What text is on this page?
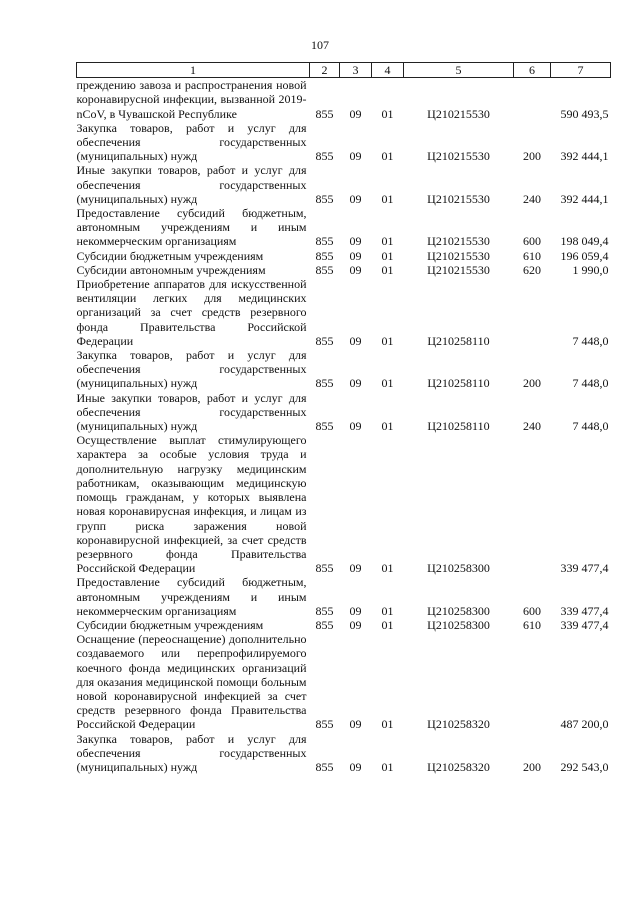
107
1	2	3	4	5	6	7
преждению завоза и распространения новой коронавирусной инфекции, вызванной 2019-nCoV, в Чувашской Республике	855	09	01	Ц210215530		590 493,5
Закупка товаров, работ и услуг для обеспечения государственных (муниципальных) нужд	855	09	01	Ц210215530	200	392 444,1
Иные закупки товаров, работ и услуг для обеспечения государственных (муниципальных) нужд	855	09	01	Ц210215530	240	392 444,1
Предоставление субсидий бюджетным, автономным учреждениям и иным некоммерческим организациям	855	09	01	Ц210215530	600	198 049,4
Субсидии бюджетным учреждениям	855	09	01	Ц210215530	610	196 059,4
Субсидии автономным учреждениям	855	09	01	Ц210215530	620	1 990,0
Приобретение аппаратов для искусственной вентиляции легких для медицинских организаций за счет средств резервного фонда Правительства Российской Федерации	855	09	01	Ц210258110		7 448,0
Закупка товаров, работ и услуг для обеспечения государственных (муниципальных) нужд	855	09	01	Ц210258110	200	7 448,0
Иные закупки товаров, работ и услуг для обеспечения государственных (муниципальных) нужд	855	09	01	Ц210258110	240	7 448,0
Осуществление выплат стимулирующего характера за особые условия труда и дополнительную нагрузку медицинским работникам, оказывающим медицинскую помощь гражданам, у которых выявлена новая коронавирусная инфекция, и лицам из групп риска заражения новой коронавирусной инфекцией, за счет средств резервного фонда Правительства Российской Федерации	855	09	01	Ц210258300		339 477,4
Предоставление субсидий бюджетным, автономным учреждениям и иным некоммерческим организациям	855	09	01	Ц210258300	600	339 477,4
Субсидии бюджетным учреждениям	855	09	01	Ц210258300	610	339 477,4
Оснащение (переоснащение) дополнительно создаваемого или перепрофилируемого коечного фонда медицинских организаций для оказания медицинской помощи больным новой коронавирусной инфекцией за счет средств резервного фонда Правительства Российской Федерации	855	09	01	Ц210258320		487 200,0
Закупка товаров, работ и услуг для обеспечения государственных (муниципальных) нужд	855	09	01	Ц210258320	200	292 543,0
